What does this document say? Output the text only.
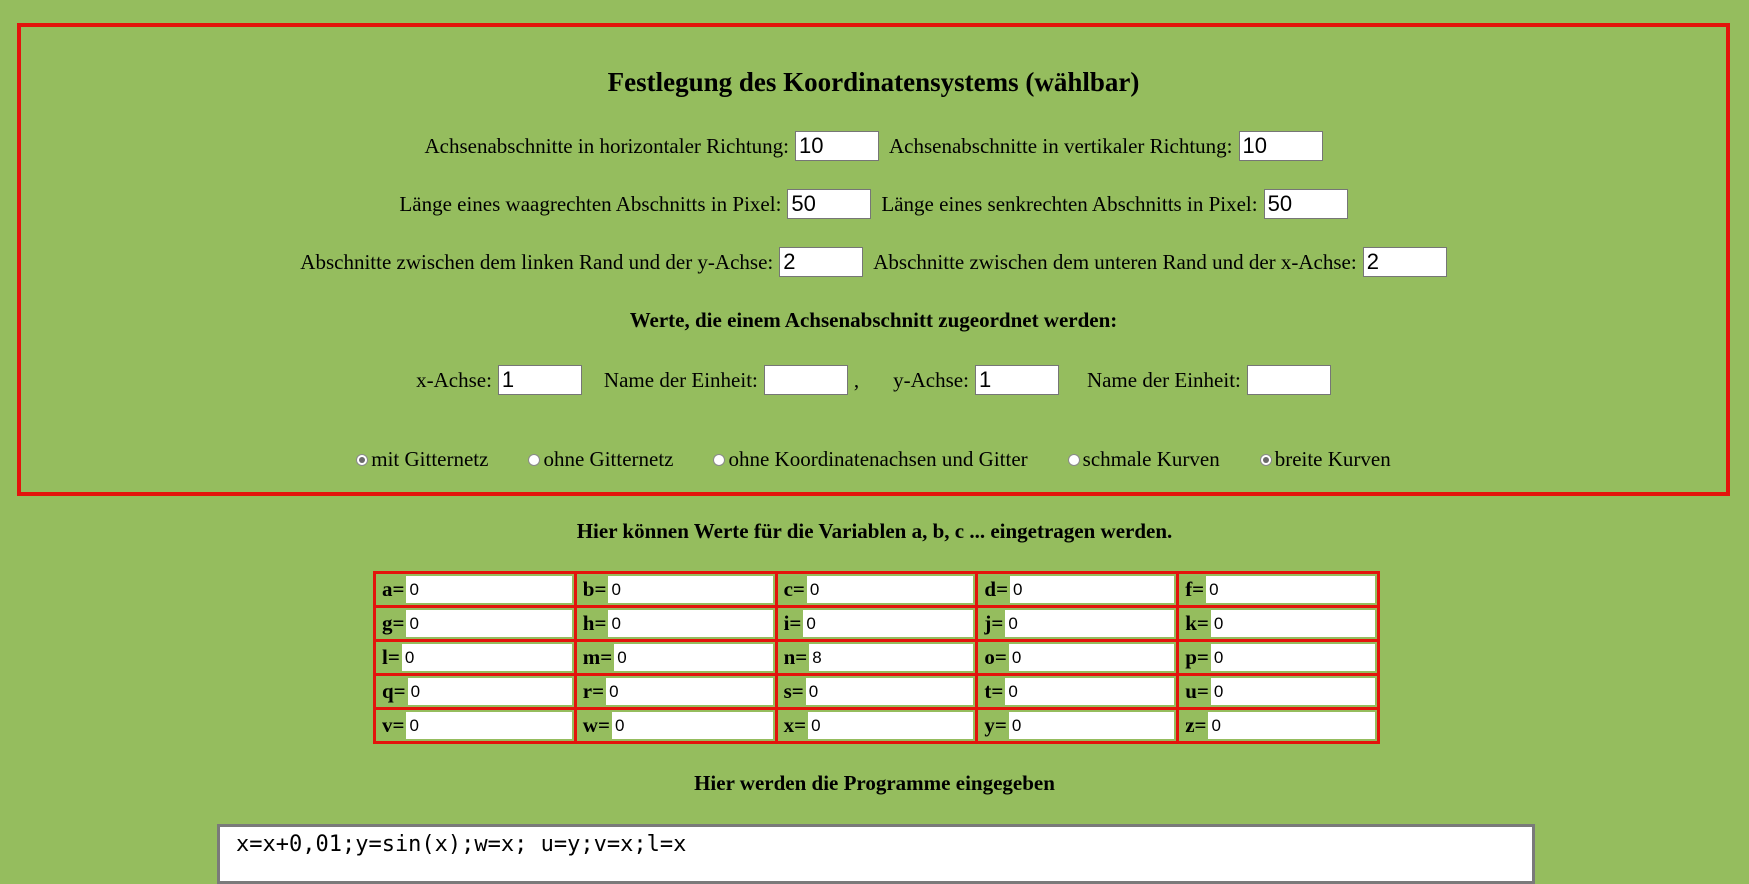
Festlegung des Koordinatensystems (wählbar)
Achsenabschnitte in horizontaler Richtung:
10	Achsenabschnitte in vertikaler Richtung:
10
Länge eines waagrechten Abschnitts in Pixel:
50	Länge eines senkrechten Abschnitts in Pixel:
50
Abschnitte zwischen dem linken Rand und der y-Achse:
2	Abschnitte zwischen dem unteren Rand und der x-Achse:
2
Werte, die einem Achsenabschnitt zugeordnet werden:
x-Achse:
1	Name der Einheit:	, y-Achse:
1	Name der Einheit:
mit Gitternetz	ohne Gitternetz	ohne Koordinatenachsen und Gitter	schmale Kurven	breite Kurven
Hier können Werte für die Variablen a, b, c ... eingetragen werden.
a= 0	b= 0	c= 0	d= 0	f= 0
g= 0	h= 0	i= 0	j= 0	k= 0
l= 0	m= 0	n= 8	o= 0	p= 0
q= 0	r= 0	s= 0	t= 0	u= 0
v= 0	w= 0	x= 0	y= 0	z= 0
Hier werden die Programme eingegeben
x=x+0,01;y=sin(x);w=x; u=y;v=x;l=x
